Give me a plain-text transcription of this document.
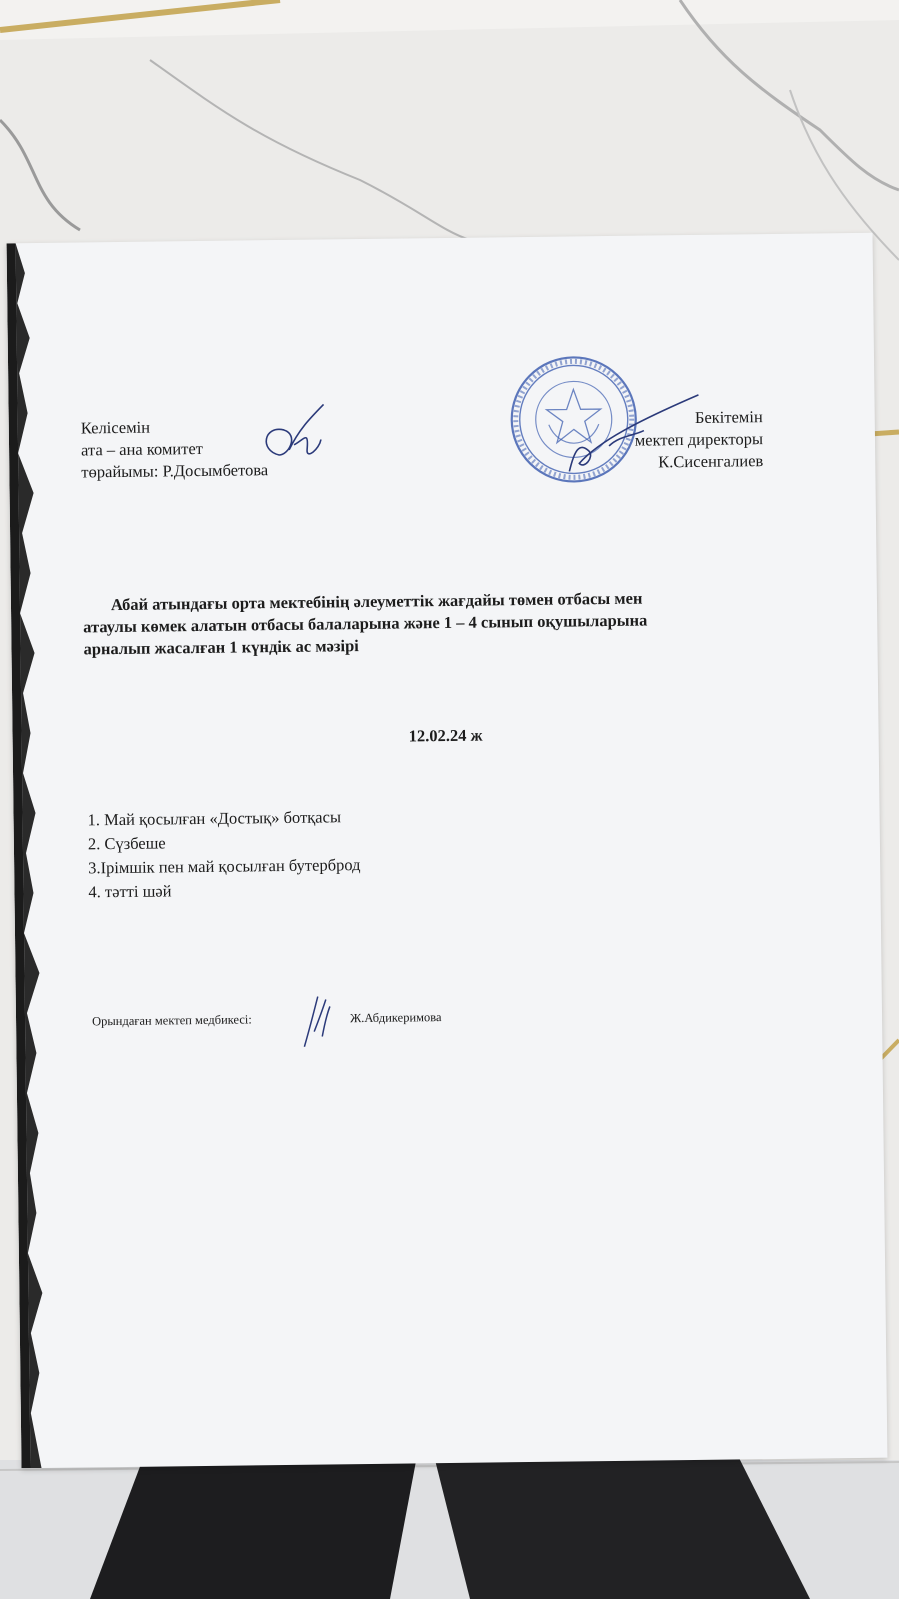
Келісемін
ата – ана комитет
төрайымы: Р.Досымбетова
Бекітемін
мектеп директоры
К.Сисенгалиев
Абай атындағы орта мектебінің әлеуметтік жағдайы төмен отбасы мен
атаулы көмек алатын отбасы балаларына және 1 – 4 сынып оқушыларына
арналып жасалған 1 күндік ас мәзірі
12.02.24 ж
1. Май қосылған «Достық» ботқасы
2. Сүзбеше
3.Ірімшік пен май қосылған бутерброд
4. тәтті шәй
Орындаған мектеп медбикесі:	Ж.Абдикеримова
